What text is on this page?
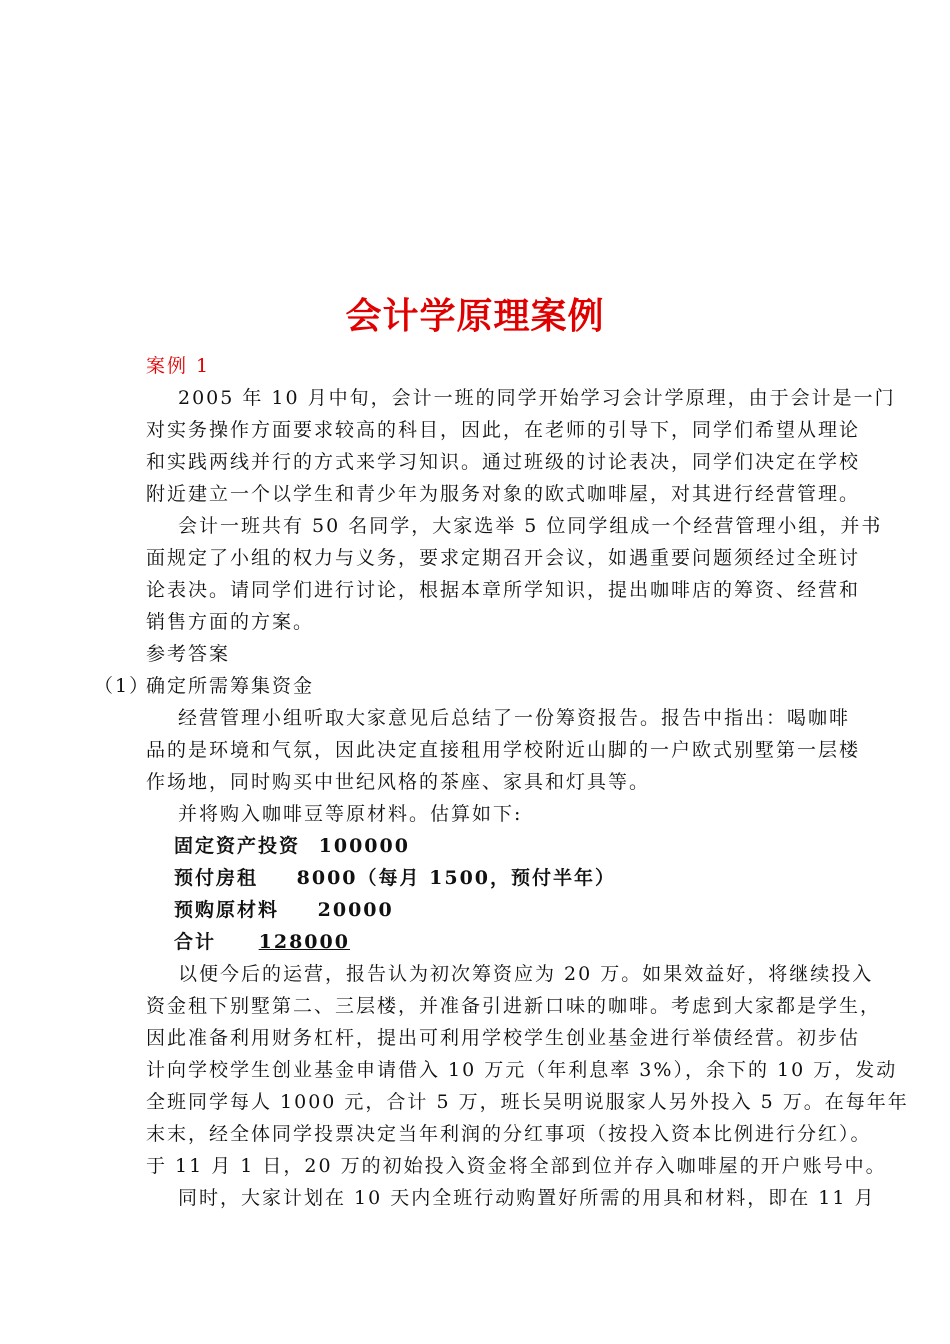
会计学原理案例
案例 1
2005 年 10 月中旬，会计一班的同学开始学习会计学原理，由于会计是一门
对实务操作方面要求较高的科目，因此，在老师的引导下，同学们希望从理论
和实践两线并行的方式来学习知识。通过班级的讨论表决，同学们决定在学校
附近建立一个以学生和青少年为服务对象的欧式咖啡屋，对其进行经营管理。
会计一班共有 50 名同学，大家选举 5 位同学组成一个经营管理小组，并书
面规定了小组的权力与义务，要求定期召开会议，如遇重要问题须经过全班讨
论表决。请同学们进行讨论，根据本章所学知识，提出咖啡店的筹资、经营和
销售方面的方案。
参考答案
（1）
确定所需筹集资金
经营管理小组听取大家意见后总结了一份筹资报告。报告中指出：喝咖啡
品的是环境和气氛，因此决定直接租用学校附近山脚的一户欧式别墅第一层楼
作场地，同时购买中世纪风格的茶座、家具和灯具等。
并将购入咖啡豆等原材料。估算如下:
固定资产投资 100000
预付房租 8000（每月 1500，预付半年）
预购原材料 20000
合计 128000
以便今后的运营，报告认为初次筹资应为 20 万。如果效益好，将继续投入
资金租下别墅第二、三层楼，并准备引进新口味的咖啡。考虑到大家都是学生，
因此准备利用财务杠杆，提出可利用学校学生创业基金进行举债经营。初步估
计向学校学生创业基金申请借入 10 万元（年利息率 3%），余下的 10 万，发动
全班同学每人 1000 元，合计 5 万，班长吴明说服家人另外投入 5 万。在每年年
末末，经全体同学投票决定当年利润的分红事项（按投入资本比例进行分红）。
于 11 月 1 日，20 万的初始投入资金将全部到位并存入咖啡屋的开户账号中。
同时，大家计划在 10 天内全班行动购置好所需的用具和材料，即在 11 月
